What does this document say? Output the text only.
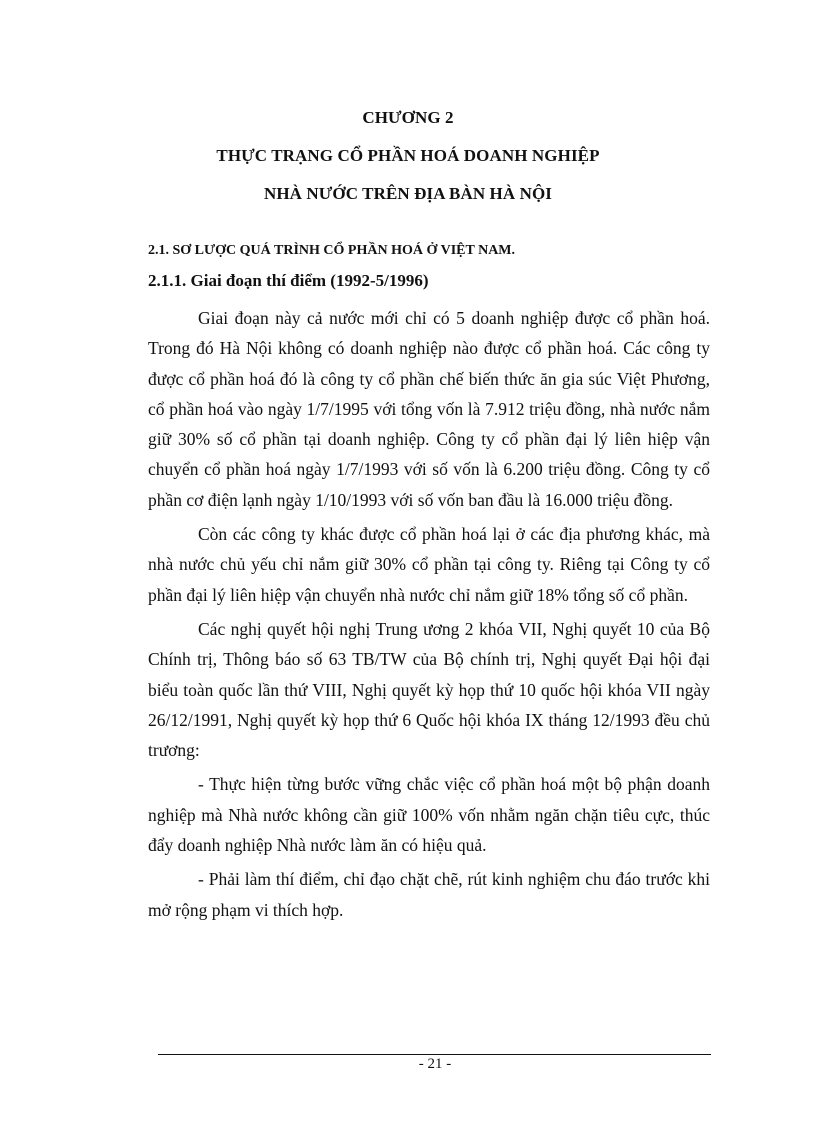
CHƯƠNG 2
THỰC TRẠNG CỔ PHẦN HOÁ DOANH NGHIỆP
NHÀ NƯỚC TRÊN ĐỊA BÀN HÀ NỘI
2.1. SƠ LƯỢC QUÁ TRÌNH CỔ PHẦN HOÁ Ở VIỆT NAM.
2.1.1. Giai đoạn thí điểm (1992-5/1996)

Giai đoạn này cả nước mới chỉ có 5 doanh nghiệp được cổ phần hoá. Trong đó Hà Nội không có doanh nghiệp nào được cổ phần hoá. Các công ty được cổ phần hoá đó là công ty cổ phần chế biến thức ăn gia súc Việt Phương, cổ phần hoá vào ngày 1/7/1995 với tổng vốn là 7.912 triệu đồng, nhà nước nắm giữ 30% số cổ phần tại doanh nghiệp. Công ty cổ phần đại lý liên hiệp vận chuyển cổ phần hoá ngày 1/7/1993 với số vốn là 6.200 triệu đồng. Công ty cổ phần cơ điện lạnh ngày 1/10/1993 với số vốn ban đầu là 16.000 triệu đồng.

Còn các công ty khác được cổ phần hoá lại ở các địa phương khác, mà nhà nước chủ yếu chỉ nắm giữ 30% cổ phần tại công ty. Riêng tại Công ty cổ phần đại lý liên hiệp vận chuyển nhà nước chỉ nắm giữ 18% tổng số cổ phần.

Các nghị quyết hội nghị Trung ương 2 khóa VII, Nghị quyết 10 của Bộ Chính trị, Thông báo số 63 TB/TW của Bộ chính trị, Nghị quyết Đại hội đại biểu toàn quốc lần thứ VIII, Nghị quyết kỳ họp thứ 10 quốc hội khóa VII ngày 26/12/1991, Nghị quyết kỳ họp thứ 6 Quốc hội khóa IX tháng 12/1993 đều chủ trương:

- Thực hiện từng bước vững chắc việc cổ phần hoá một bộ phận doanh nghiệp mà Nhà nước không cần giữ 100% vốn nhằm ngăn chặn tiêu cực, thúc đẩy doanh nghiệp Nhà nước làm ăn có hiệu quả.

- Phải làm thí điểm, chỉ đạo chặt chẽ, rút kinh nghiệm chu đáo trước khi mở rộng phạm vi thích hợp.

- 21 -
